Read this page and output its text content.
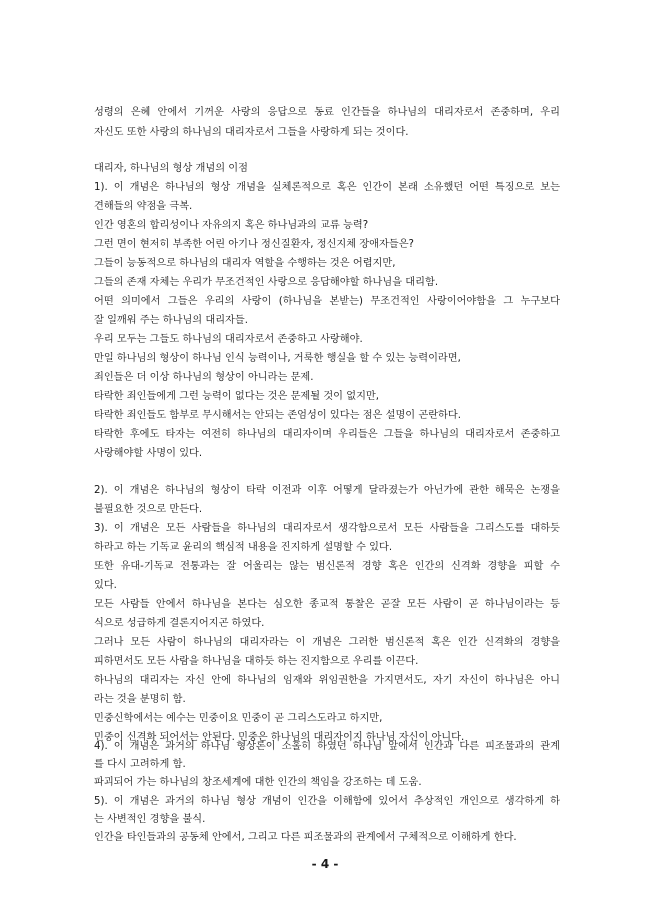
성령의 은혜 안에서 기꺼운 사랑의 응답으로 동료 인간들을 하나님의 대리자로서 존중하며, 우리
자신도 또한 사랑의 하나님의 대리자로서 그들을 사랑하게 되는 것이다.
대리자, 하나님의 형상 개념의 이점
1). 이 개념은 하나님의 형상 개념을 실체론적으로 혹은 인간이 본래 소유했던 어떤 특징으로 보는
견해들의 약점을 극복.
인간 영혼의 합리성이나 자유의지 혹은 하나님과의 교류 능력?
그런 면이 현저히 부족한 어린 아기나 정신질환자, 정신지체 장애자들은?
그들이 능동적으로 하나님의 대리자 역할을 수행하는 것은 어렵지만,
그들의 존재 자체는 우리가 무조건적인 사랑으로 응답해야할 하나님을 대리함.
어떤 의미에서 그들은 우리의 사랑이 (하나님을 본받는) 무조건적인 사랑이어야함을 그 누구보다
잘 일깨워 주는 하나님의 대리자들.
우리 모두는 그들도 하나님의 대리자로서 존중하고 사랑해야.
만일 하나님의 형상이 하나님 인식 능력이나, 거룩한 행실을 할 수 있는 능력이라면,
죄인들은 더 이상 하나님의 형상이 아니라는 문제.
타락한 죄인들에게 그런 능력이 없다는 것은 문제될 것이 없지만,
타락한 죄인들도 함부로 무시해서는 안되는 존엄성이 있다는 점은 설명이 곤란하다.
타락한 후에도 타자는 여전히 하나님의 대리자이며 우리들은 그들을 하나님의 대리자로서 존중하고
사랑해야할 사명이 있다.
2). 이 개념은 하나님의 형상이 타락 이전과 이후 어떻게 달라졌는가 아닌가에 관한 해묵은 논쟁을
불필요한 것으로 만든다.
3). 이 개념은 모든 사람들을 하나님의 대리자로서 생각함으로서 모든 사람들을 그리스도를 대하듯
하라고 하는 기독교 윤리의 핵심적 내용을 진지하게 설명할 수 있다.
또한 유대-기독교 전통과는 잘 어울리는 않는 범신론적 경향 혹은 인간의 신격화 경향을 피할 수
있다.
모든 사람들 안에서 하나님을 본다는 심오한 종교적 통찰은 곧잘 모든 사람이 곧 하나님이라는 등
식으로 성급하게 결론지어지곤 하였다.
그러나 모든 사람이 하나님의 대리자라는 이 개념은 그러한 범신론적 혹은 인간 신격화의 경향을
피하면서도 모든 사람을 하나님을 대하듯 하는 진지함으로 우리를 이끈다.
하나님의 대리자는 자신 안에 하나님의 임재와 위임권한을 가지면서도, 자기 자신이 하나님은 아니
라는 것을 분명히 함.
민중신학에서는 예수는 민중이요 민중이 곧 그리스도라고 하지만,
민중이 신격화 되어서는 안된다. 민중은 하나님의 대리자이지 하나님 자신이 아니다.
4). 이 개념은 과거의 하나님 형상론이 소홀히 하였던 하나님 앞에서 인간과 다른 피조물과의 관계
를 다시 고려하게 함.
파괴되어 가는 하나님의 창조세계에 대한 인간의 책임을 강조하는 데 도움.
5). 이 개념은 과거의 하나님 형상 개념이 인간을 이해함에 있어서 추상적인 개인으로 생각하게 하
는 사변적인 경향을 불식.
인간을 타인들과의 공동체 안에서, 그리고 다른 피조물과의 관계에서 구체적으로 이해하게 한다.
- 4 -
